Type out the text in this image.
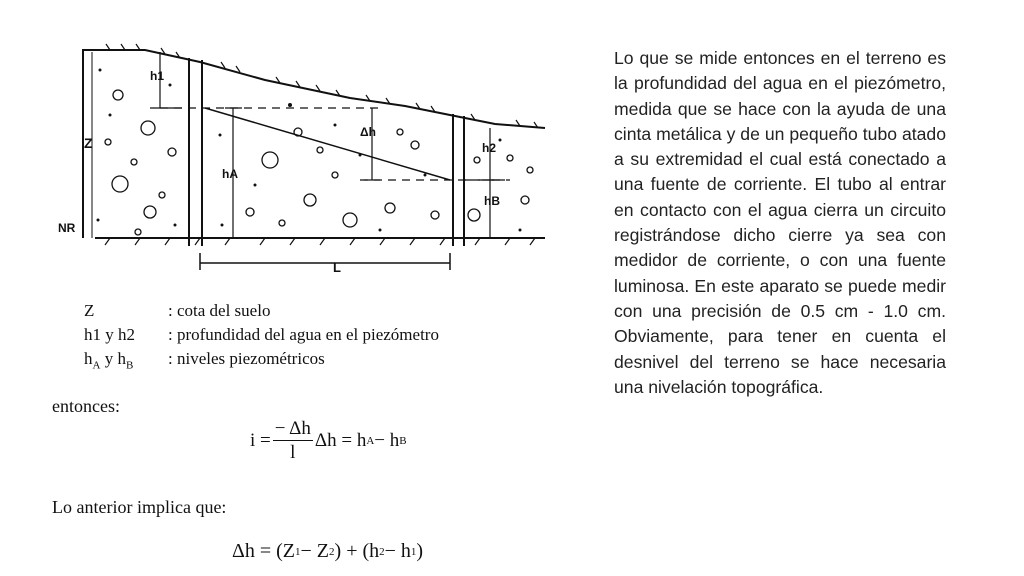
h1
Z
NR
hA
Δh
h2
hB
L
Z	: cota del suelo
h1 y h2	: profundidad del agua en el piezómetro
$h_A$ y $h_B$	: niveles piezométricos
entonces:
$i = \frac{- \Delta h}{l}$ Δh = h A − h B
Lo anterior implica que:
Δh = (Z 1 − Z 2 ) + (h 2 − h 1 )
Lo que se mide entonces en el terreno es la profundidad del agua en el piezómetro, medida que se hace con la ayuda de una cinta metálica y de un pequeño tubo atado a su extremidad el cual está conectado a una fuente de corriente. El tubo al entrar en contacto con el agua cierra un circuito registrándose dicho cierre ya sea con medidor de corriente, o con una fuente luminosa. En este aparato se puede medir con una precisión de 0.5 cm - 1.0 cm. Obviamente, para tener en cuenta el desnivel del terreno se hace necesaria una nivelación topográfica.
